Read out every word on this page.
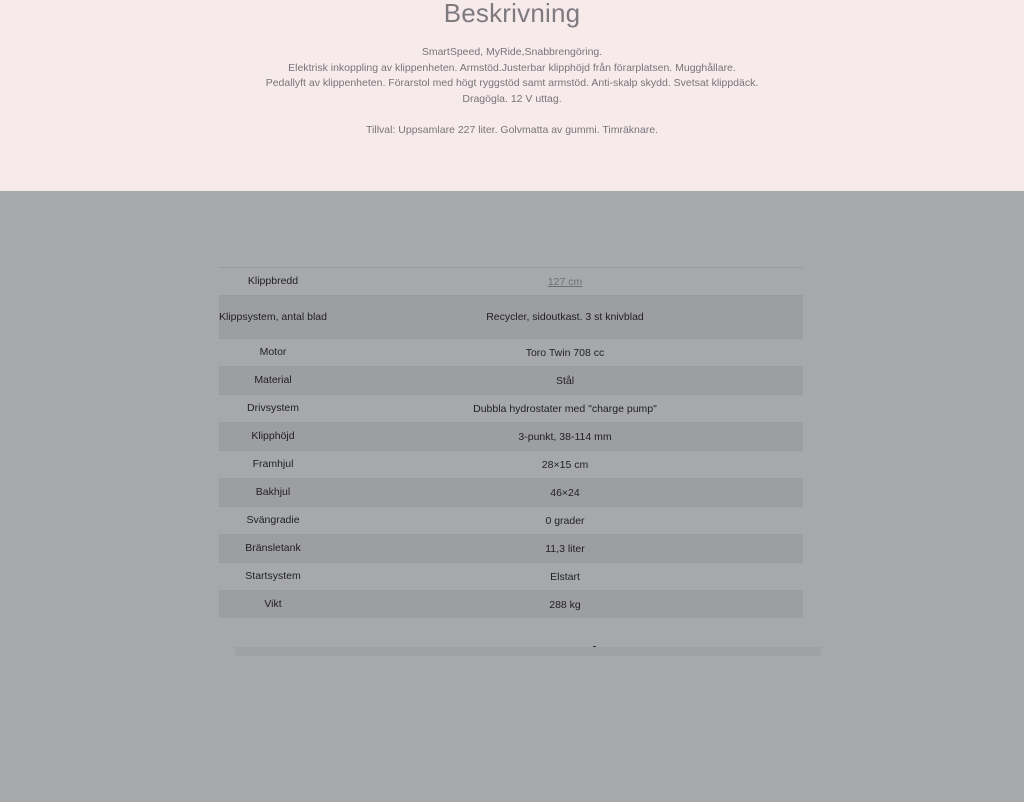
Beskrivning

SmartSpeed, MyRide,Snabbrengöring.

Elektrisk inkoppling av klippenheten. Armstöd.Justerbar klipphöjd från förarplatsen. Mugghållare.

Pedallyft av klippenheten. Förarstol med högt ryggstöd samt armstöd. Anti-skalp skydd. Svetsat klippdäck.

Dragögla. 12 V uttag.

Tillval: Uppsamlare 227 liter. Golvmatta av gummi. Timräknare.

Klippbredd	127 cm
Klippsystem, antal blad	Recycler, sidoutkast. 3 st knivblad
Motor	Toro Twin 708 cc
Material	Stål
Drivsystem	Dubbla hydrostater med "charge pump"
Klipphöjd	3-punkt, 38-114 mm
Framhjul	28×15 cm
Bakhjul	46×24
Svängradie	0 grader
Bränsletank	11,3 liter
Startsystem	Elstart
Vikt	288 kg
